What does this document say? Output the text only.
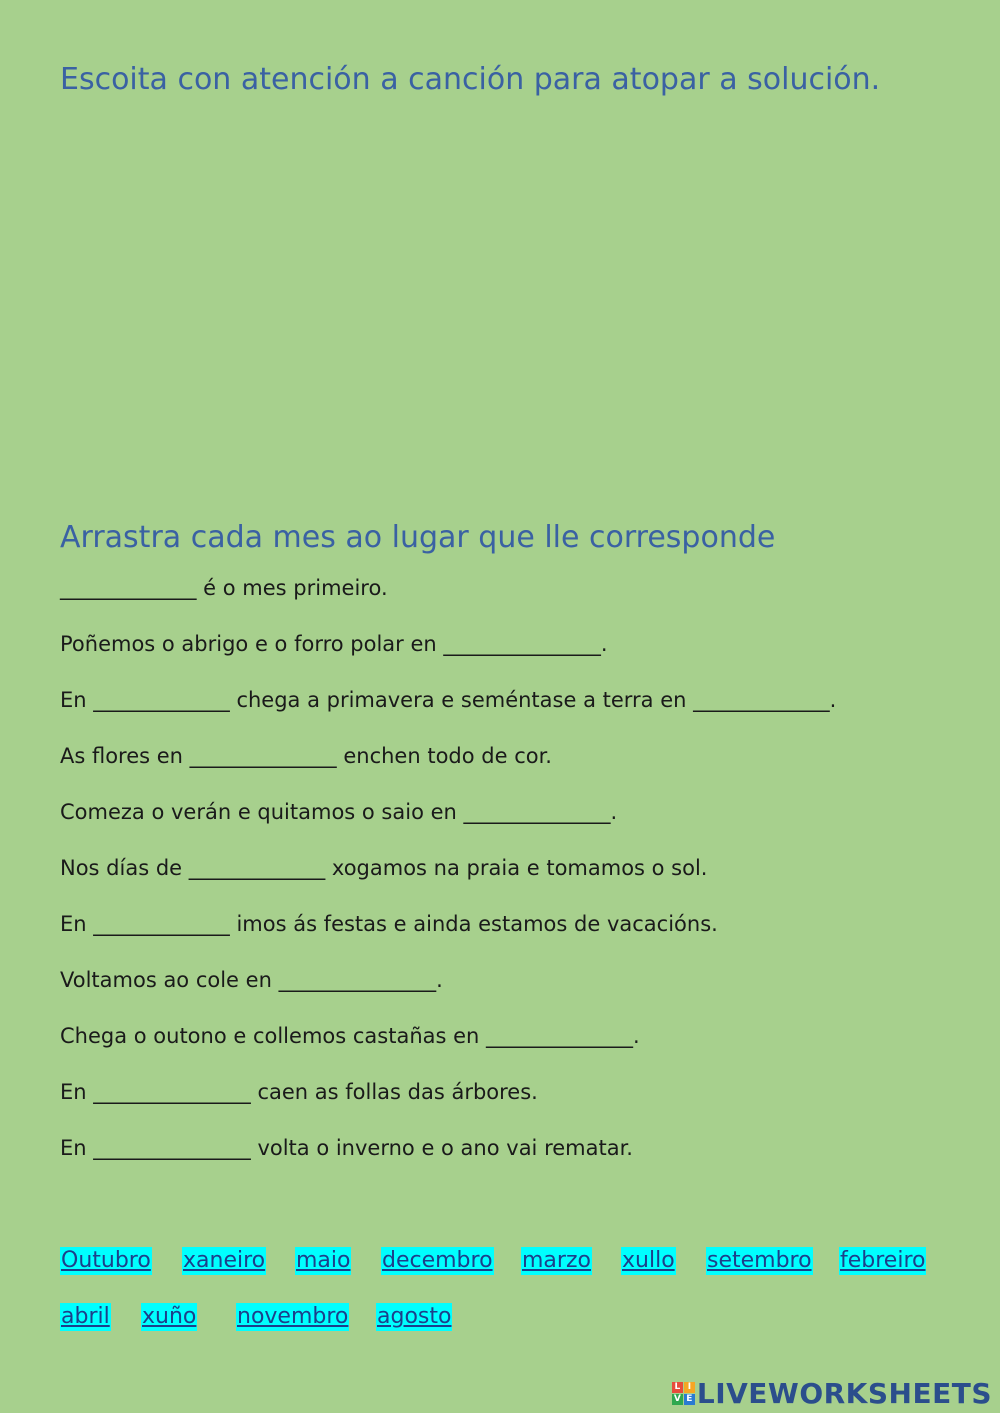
Escoita con atención a canción para atopar a solución.
Arrastra cada mes ao lugar que lle corresponde

_____________ é o mes primeiro.

Poñemos o abrigo e o forro polar en _______________.

En _____________ chega a primavera e seméntase a terra en _____________.

As flores en ______________ enchen todo de cor.

Comeza o verán e quitamos o saio en ______________.

Nos días de _____________ xogamos na praia e tomamos o sol.

En _____________ imos ás festas e ainda estamos de vacacións.

Voltamos ao cole en _______________.

Chega o outono e collemos castañas en ______________.

En _______________ caen as follas das árbores.

En _______________ volta o inverno e o ano vai rematar.

Outubro xaneiro maio decembro marzo xullo setembro febreiro
abril xuño novembro agosto
L I
V E LIVEWORKSHEETS
